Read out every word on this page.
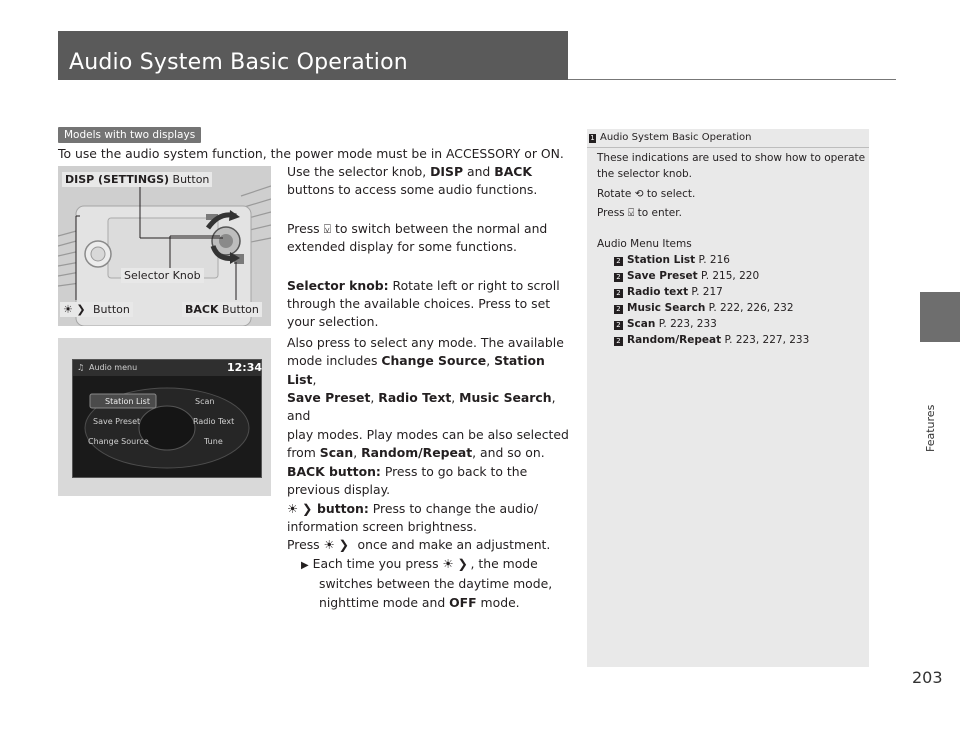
Audio System Basic Operation
Features
203
Models with two displays
To use the audio system function, the power mode must be in ACCESSORY or ON.
DISP (SETTINGS) Button
Selector Knob
☀ ❯ Button	BACK Button
♫ Audio menu	12:34
Station List	Scan
Save Preset	Radio Text
Change Source	Tune
Use the selector knob, DISP and BACK
buttons to access some audio functions.
Press ⍌ to switch between the normal and
extended display for some functions.
Selector knob: Rotate left or right to scroll
through the available choices. Press to set
your selection.
Also press to select any mode. The available
mode includes Change Source, Station List,
Save Preset, Radio Text, Music Search, and
play modes. Play modes can be also selected
from Scan, Random/Repeat, and so on.
BACK button: Press to go back to the
previous display.
☀ ❯ button: Press to change the audio/
information screen brightness.
Press ☀ ❯ once and make an adjustment.
▶ Each time you press ☀ ❯ , the mode
switches between the daytime mode,
nighttime mode and OFF mode.
1 Audio System Basic Operation
These indications are used to show how to operate
the selector knob.
Rotate ⟲ to select.
Press ⍌ to enter.
Audio Menu Items
2 Station List P. 216
2 Save Preset P. 215, 220
2 Radio text P. 217
2 Music Search P. 222, 226, 232
2 Scan P. 223, 233
2 Random/Repeat P. 223, 227, 233
